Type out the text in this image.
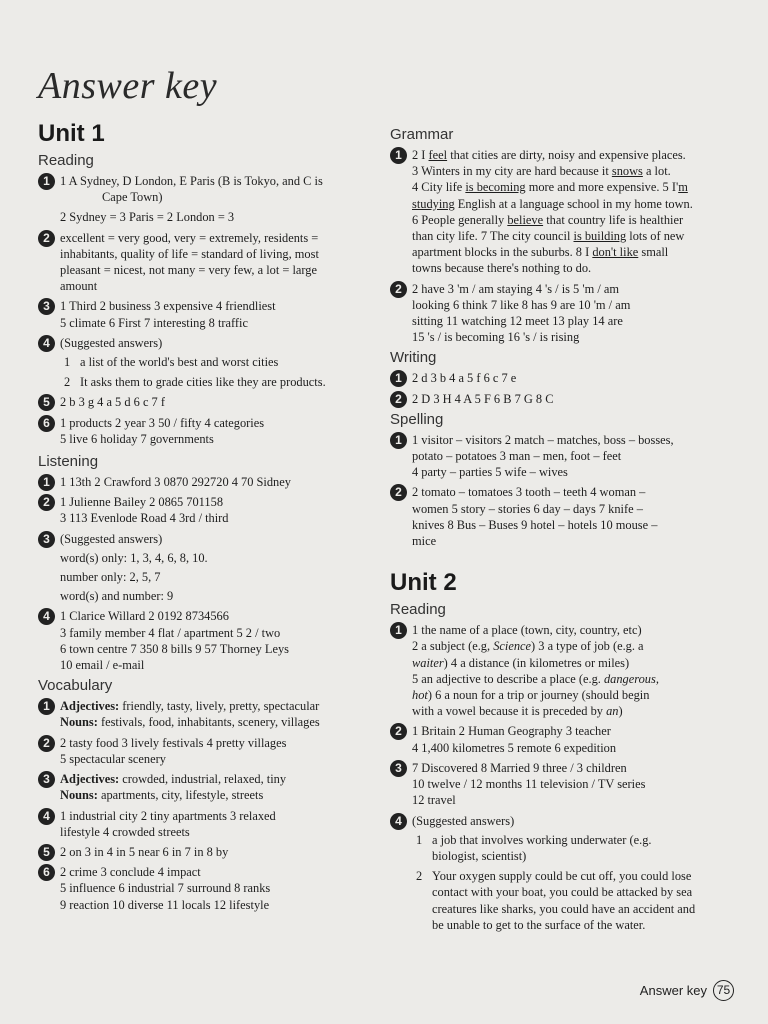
Answer key
Unit 1
Reading
1 1 A Sydney, D London, E Paris (B is Tokyo, and C is
Cape Town)
2 Sydney = 3 Paris = 2 London = 3
2 excellent = very good, very = extremely, residents =
inhabitants, quality of life = standard of living, most
pleasant = nicest, not many = very few, a lot = large
amount
3 1 Third 2 business 3 expensive 4 friendliest
5 climate 6 First 7 interesting 8 traffic
4 (Suggested answers)
1 a list of the world's best and worst cities
2 It asks them to grade cities like they are products.
5 2 b 3 g 4 a 5 d 6 c 7 f
6 1 products 2 year 3 50 / fifty 4 categories
5 live 6 holiday 7 governments
Listening
1 1 13th 2 Crawford 3 0870 292720 4 70 Sidney
2 1 Julienne Bailey 2 0865 701158
3 113 Evenlode Road 4 3rd / third
3 (Suggested answers)
word(s) only: 1, 3, 4, 6, 8, 10.
number only: 2, 5, 7
word(s) and number: 9
4 1 Clarice Willard 2 0192 8734566
3 family member 4 flat / apartment 5 2 / two
6 town centre 7 350 8 bills 9 57 Thorney Leys
10 email / e-mail
Vocabulary
1 Adjectives: friendly, tasty, lively, pretty, spectacular
Nouns: festivals, food, inhabitants, scenery, villages
2 2 tasty food 3 lively festivals 4 pretty villages
5 spectacular scenery
3 Adjectives: crowded, industrial, relaxed, tiny
Nouns: apartments, city, lifestyle, streets
4 1 industrial city 2 tiny apartments 3 relaxed
lifestyle 4 crowded streets
5 2 on 3 in 4 in 5 near 6 in 7 in 8 by
6 2 crime 3 conclude 4 impact
5 influence 6 industrial 7 surround 8 ranks
9 reaction 10 diverse 11 locals 12 lifestyle
Grammar
1 2 I feel that cities are dirty, noisy and expensive places.
3 Winters in my city are hard because it snows a lot.
4 City life is becoming more and more expensive. 5 I'm
studying English at a language school in my home town.
6 People generally believe that country life is healthier
than city life. 7 The city council is building lots of new
apartment blocks in the suburbs. 8 I don't like small
towns because there's nothing to do.
2 2 have 3 'm / am staying 4 's / is 5 'm / am
looking 6 think 7 like 8 has 9 are 10 'm / am
sitting 11 watching 12 meet 13 play 14 are
15 's / is becoming 16 's / is rising
Writing
1 2 d 3 b 4 a 5 f 6 c 7 e
2 2 D 3 H 4 A 5 F 6 B 7 G 8 C
Spelling
1 1 visitor – visitors 2 match – matches, boss – bosses,
potato – potatoes 3 man – men, foot – feet
4 party – parties 5 wife – wives
2 2 tomato – tomatoes 3 tooth – teeth 4 woman –
women 5 story – stories 6 day – days 7 knife –
knives 8 Bus – Buses 9 hotel – hotels 10 mouse –
mice
Unit 2
Reading
1 1 the name of a place (town, city, country, etc)
2 a subject (e.g, Science) 3 a type of job (e.g. a
waiter) 4 a distance (in kilometres or miles)
5 an adjective to describe a place (e.g. dangerous,
hot) 6 a noun for a trip or journey (should begin
with a vowel because it is preceded by an)
2 1 Britain 2 Human Geography 3 teacher
4 1,400 kilometres 5 remote 6 expedition
3 7 Discovered 8 Married 9 three / 3 children
10 twelve / 12 months 11 television / TV series
12 travel
4 (Suggested answers)
1 a job that involves working underwater (e.g.
biologist, scientist)
2 Your oxygen supply could be cut off, you could lose
contact with your boat, you could be attacked by sea
creatures like sharks, you could have an accident and
be unable to get to the surface of the water.
Answer key 75
